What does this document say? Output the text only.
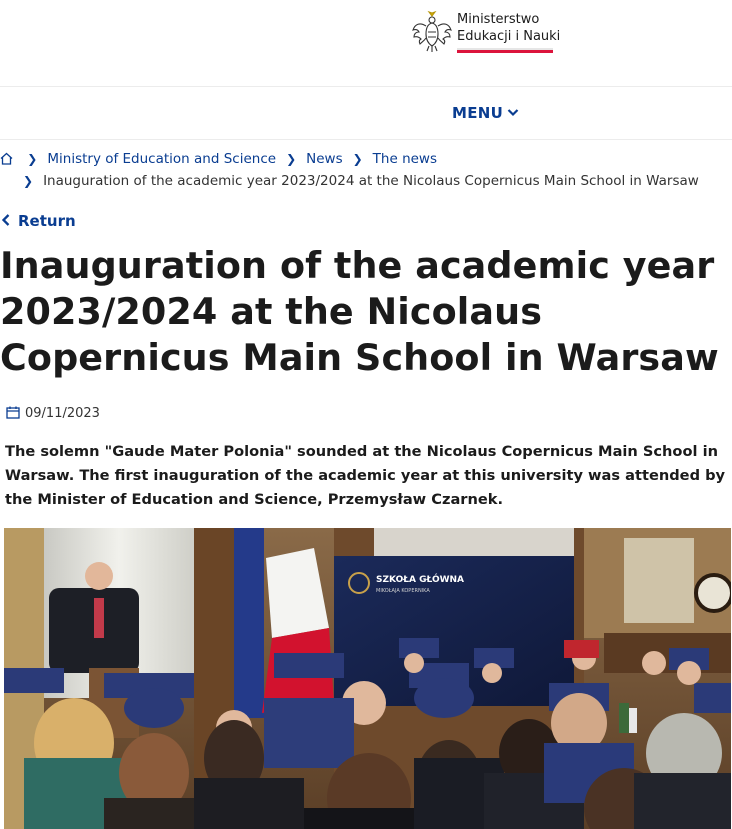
Ministerstwo
Edukacji i Nauki
MENU
❯ Ministry of Education and Science ❯ News ❯ The news
❯ Inauguration of the academic year 2023/2024 at the Nicolaus Copernicus Main School in Warsaw
Return
Inauguration of the academic year 2023/2024 at the Nicolaus Copernicus Main School in Warsaw
09/11/2023

The solemn "Gaude Mater Polonia" sounded at the Nicolaus Copernicus Main School in Warsaw. The first inauguration of the academic year at this university was attended by the Minister of Education and Science, Przemysław Czarnek.

SZKOŁA GŁÓWNA
MIKOŁAJA KOPERNIKA
